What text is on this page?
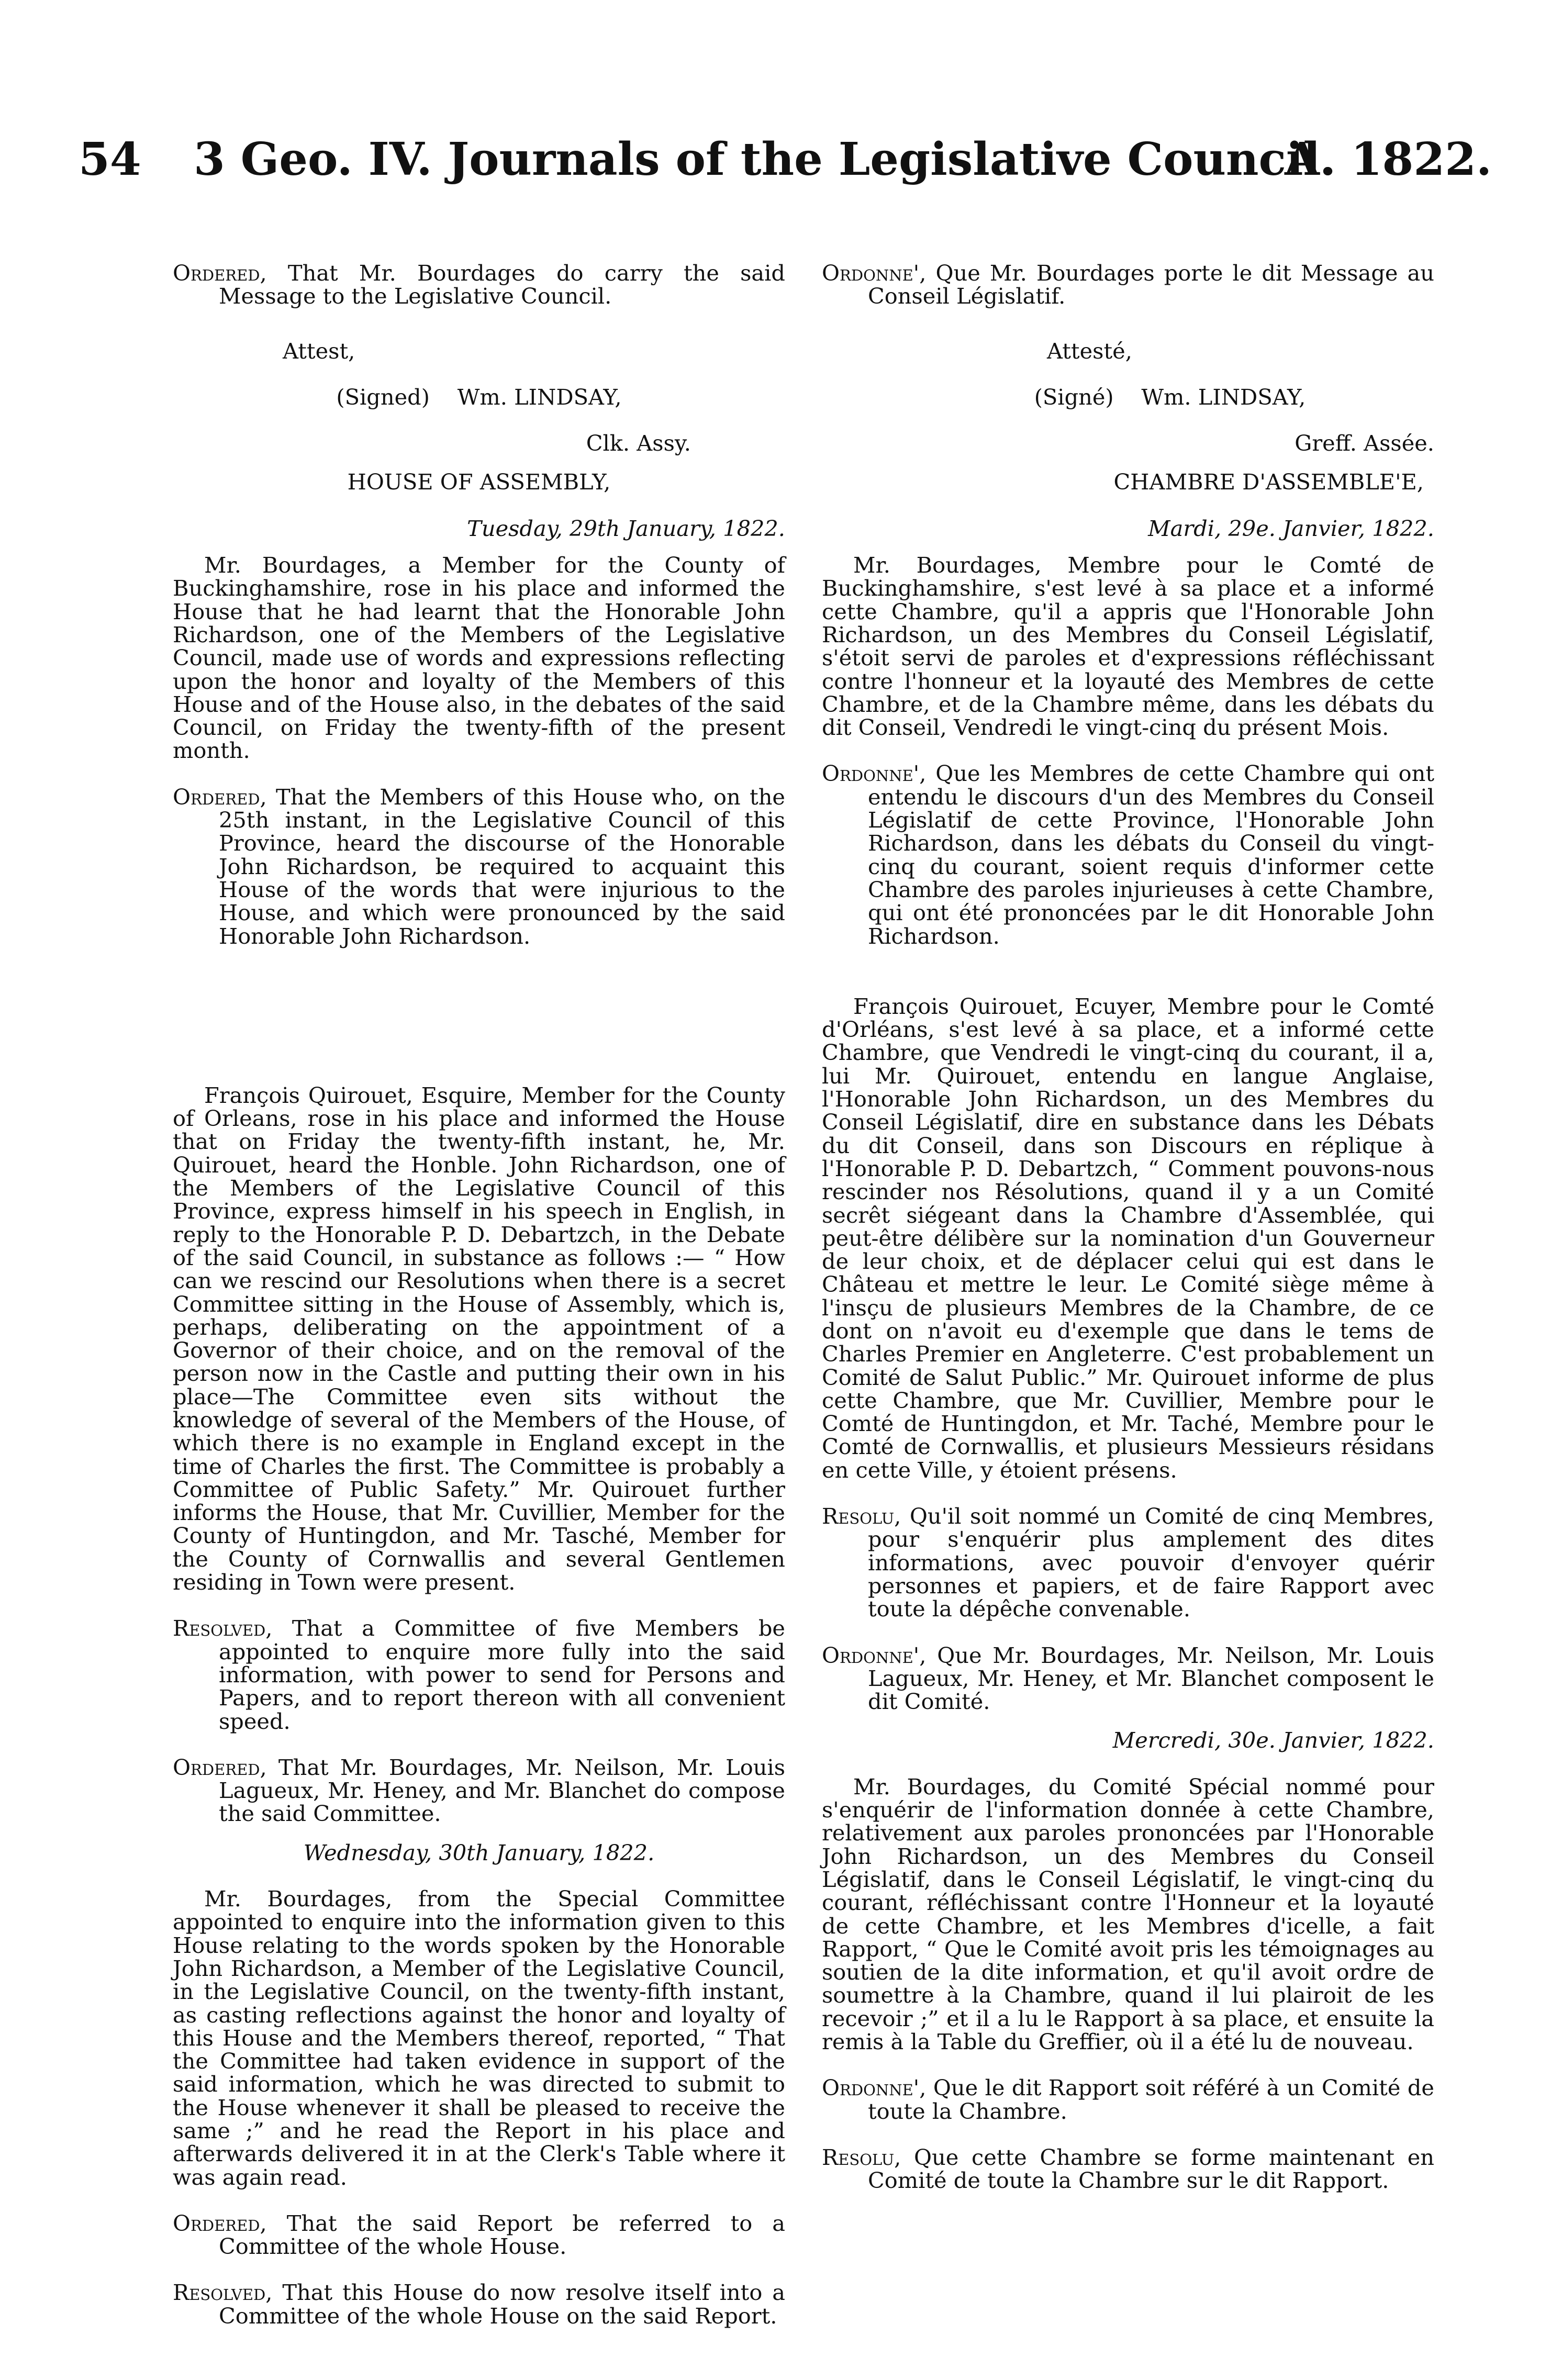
54 3 Geo. IV. Journals of the Legislative Council.
A. 1822.

Ordered, That Mr. Bourdages do carry the said Message to the Legislative Council.

Attest,

(Signed) Wm. LINDSAY,

Clk. Assy.

HOUSE OF ASSEMBLY,

Tuesday, 29th January, 1822.

Mr. Bourdages, a Member for the County of Buckinghamshire, rose in his place and informed the House that he had learnt that the Honorable John Richardson, one of the Members of the Legislative Council, made use of words and expressions reflecting upon the honor and loyalty of the Members of this House and of the House also, in the debates of the said Council, on Friday the twenty-fifth of the present month.

Ordered, That the Members of this House who, on the 25th instant, in the Legislative Council of this Province, heard the discourse of the Honorable John Richardson, be required to acquaint this House of the words that were injurious to the House, and which were pronounced by the said Honorable John Richardson.

François Quirouet, Esquire, Member for the County of Orleans, rose in his place and informed the House that on Friday the twenty-fifth instant, he, Mr. Quirouet, heard the Honble. John Richardson, one of the Members of the Legislative Council of this Province, express himself in his speech in English, in reply to the Honorable P. D. Debartzch, in the Debate of the said Council, in substance as follows :— “ How can we rescind our Resolutions when there is a secret Committee sitting in the House of Assembly, which is, perhaps, deliberating on the appointment of a Governor of their choice, and on the removal of the person now in the Castle and putting their own in his place—The Committee even sits without the knowledge of several of the Members of the House, of which there is no example in England except in the time of Charles the first. The Committee is probably a Committee of Public Safety.” Mr. Quirouet further informs the House, that Mr. Cuvillier, Member for the County of Huntingdon, and Mr. Tasché, Member for the County of Cornwallis and several Gentlemen residing in Town were present.

Resolved, That a Committee of five Members be appointed to enquire more fully into the said information, with power to send for Persons and Papers, and to report thereon with all convenient speed.

Ordered, That Mr. Bourdages, Mr. Neilson, Mr. Louis Lagueux, Mr. Heney, and Mr. Blanchet do compose the said Committee.

Wednesday, 30th January, 1822.

Mr. Bourdages, from the Special Committee appointed to enquire into the information given to this House relating to the words spoken by the Honorable John Richardson, a Member of the Legislative Council, in the Legislative Council, on the twenty-fifth instant, as casting reflections against the honor and loyalty of this House and the Members thereof, reported, “ That the Committee had taken evidence in support of the said information, which he was directed to submit to the House whenever it shall be pleased to receive the same ;” and he read the Report in his place and afterwards delivered it in at the Clerk's Table where it was again read.

Ordered, That the said Report be referred to a Committee of the whole House.

Resolved, That this House do now resolve itself into a Committee of the whole House on the said Report.

Ordonne', Que Mr. Bourdages porte le dit Message au Conseil Législatif.

Attesté,

(Signé) Wm. LINDSAY,

Greff. Assée.

CHAMBRE D'ASSEMBLE'E,

Mardi, 29e. Janvier, 1822.

Mr. Bourdages, Membre pour le Comté de Buckinghamshire, s'est levé à sa place et a informé cette Chambre, qu'il a appris que l'Honorable John Richardson, un des Membres du Conseil Législatif, s'étoit servi de paroles et d'expressions réfléchissant contre l'honneur et la loyauté des Membres de cette Chambre, et de la Chambre même, dans les débats du dit Conseil, Vendredi le vingt-cinq du présent Mois.

Ordonne', Que les Membres de cette Chambre qui ont entendu le discours d'un des Membres du Conseil Législatif de cette Province, l'Honorable John Richardson, dans les débats du Conseil du vingt-cinq du courant, soient requis d'informer cette Chambre des paroles injurieuses à cette Chambre, qui ont été prononcées par le dit Honorable John Richardson.

François Quirouet, Ecuyer, Membre pour le Comté d'Orléans, s'est levé à sa place, et a informé cette Chambre, que Vendredi le vingt-cinq du courant, il a, lui Mr. Quirouet, entendu en langue Anglaise, l'Honorable John Richardson, un des Membres du Conseil Législatif, dire en substance dans les Débats du dit Conseil, dans son Discours en réplique à l'Honorable P. D. Debartzch, “ Comment pouvons-nous rescinder nos Résolutions, quand il y a un Comité secrêt siégeant dans la Chambre d'Assemblée, qui peut-être délibère sur la nomination d'un Gouverneur de leur choix, et de déplacer celui qui est dans le Château et mettre le leur. Le Comité siège même à l'insçu de plusieurs Membres de la Chambre, de ce dont on n'avoit eu d'exemple que dans le tems de Charles Premier en Angleterre. C'est probablement un Comité de Salut Public.” Mr. Quirouet informe de plus cette Chambre, que Mr. Cuvillier, Membre pour le Comté de Huntingdon, et Mr. Taché, Membre pour le Comté de Cornwallis, et plusieurs Messieurs résidans en cette Ville, y étoient présens.

Resolu, Qu'il soit nommé un Comité de cinq Membres, pour s'enquérir plus amplement des dites informations, avec pouvoir d'envoyer quérir personnes et papiers, et de faire Rapport avec toute la dépêche convenable.

Ordonne', Que Mr. Bourdages, Mr. Neilson, Mr. Louis Lagueux, Mr. Heney, et Mr. Blanchet composent le dit Comité.

Mercredi, 30e. Janvier, 1822.

Mr. Bourdages, du Comité Spécial nommé pour s'enquérir de l'information donnée à cette Chambre, relativement aux paroles prononcées par l'Honorable John Richardson, un des Membres du Conseil Législatif, dans le Conseil Législatif, le vingt-cinq du courant, réfléchissant contre l'Honneur et la loyauté de cette Chambre, et les Membres d'icelle, a fait Rapport, “ Que le Comité avoit pris les témoignages au soutien de la dite information, et qu'il avoit ordre de soumettre à la Chambre, quand il lui plairoit de les recevoir ;” et il a lu le Rapport à sa place, et ensuite la remis à la Table du Greffier, où il a été lu de nouveau.

Ordonne', Que le dit Rapport soit référé à un Comité de toute la Chambre.

Resolu, Que cette Chambre se forme maintenant en Comité de toute la Chambre sur le dit Rapport.
